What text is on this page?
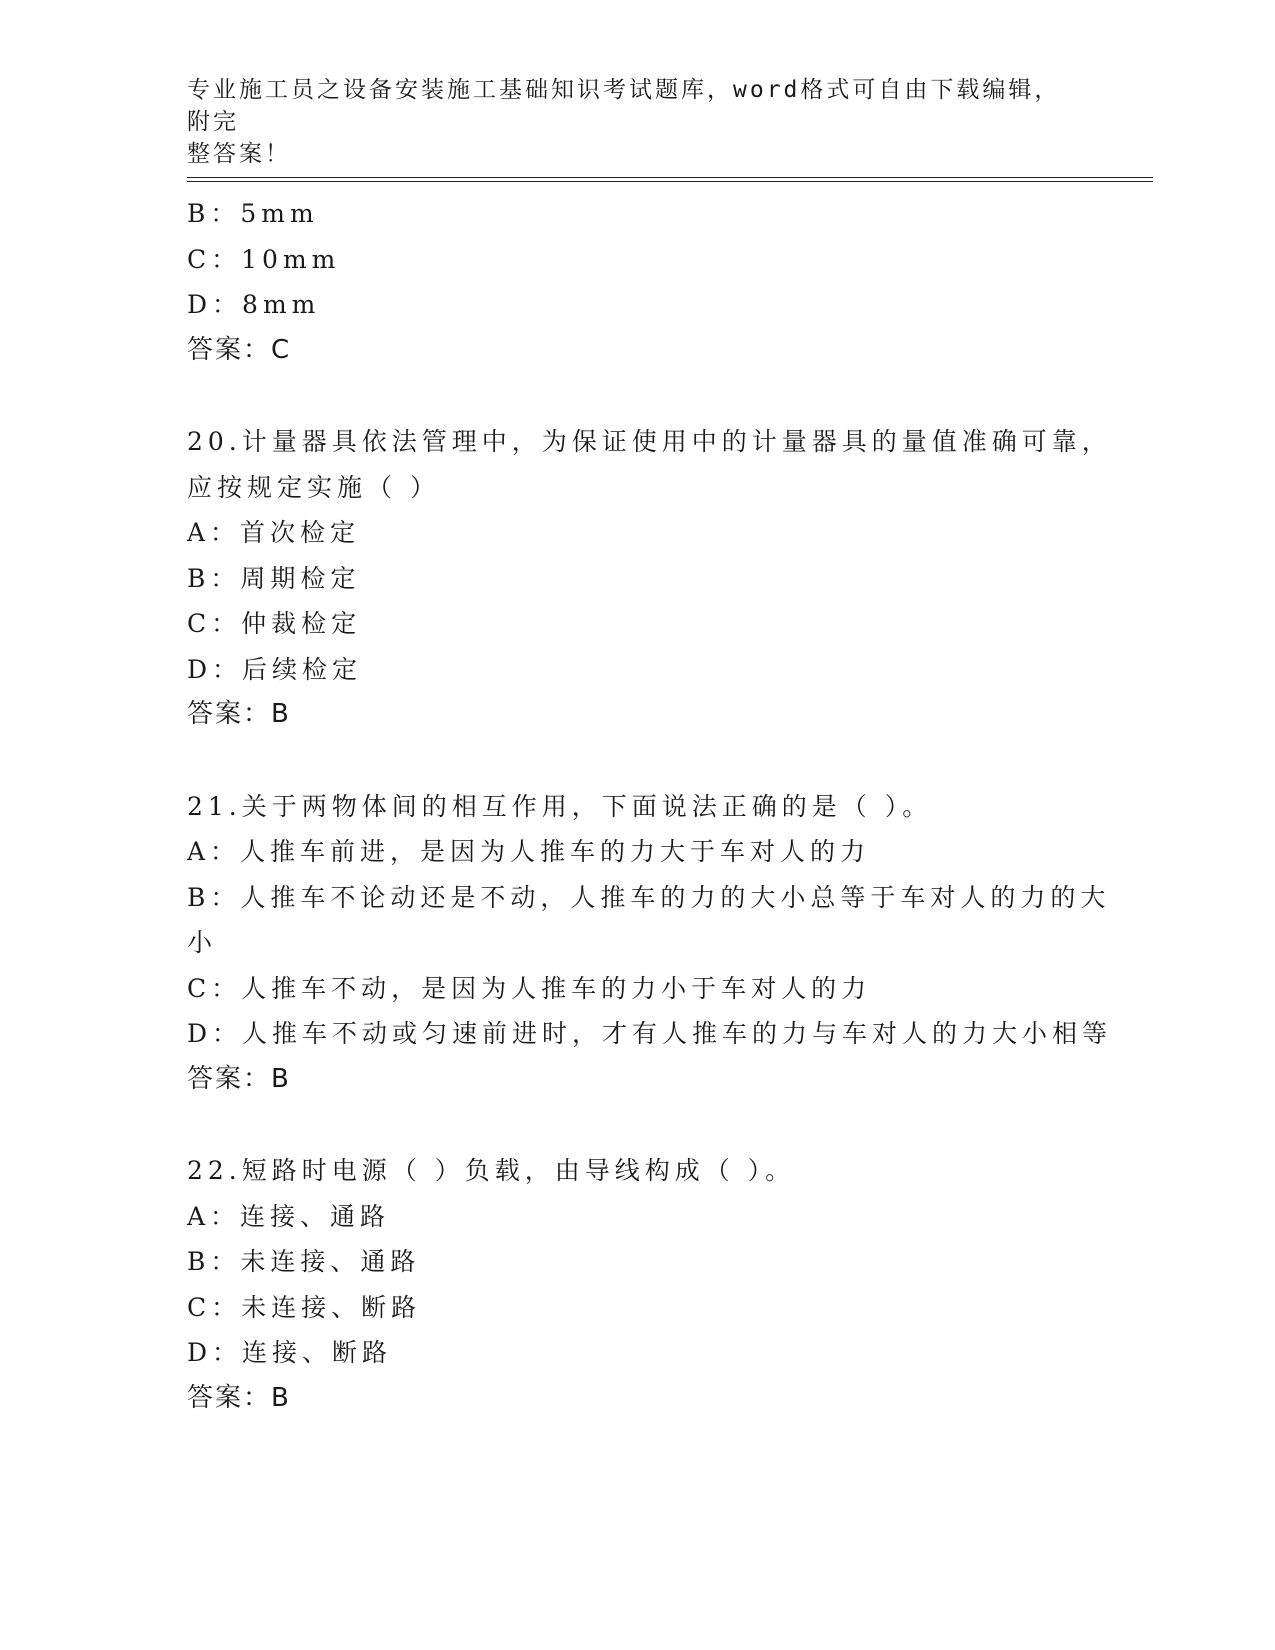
专业施工员之设备安装施工基础知识考试题库，word格式可自由下载编辑，附完
整答案！
B：5mm
C：10mm
D：8mm
答案：C
20.计量器具依法管理中，为保证使用中的计量器具的量值准确可靠，
应按规定实施（ ）
A：首次检定
B：周期检定
C：仲裁检定
D：后续检定
答案：B
21.关于两物体间的相互作用，下面说法正确的是（ ）。
A：人推车前进，是因为人推车的力大于车对人的力
B：人推车不论动还是不动，人推车的力的大小总等于车对人的力的大
小
C：人推车不动，是因为人推车的力小于车对人的力
D：人推车不动或匀速前进时，才有人推车的力与车对人的力大小相等
答案：B
22.短路时电源（ ）负载，由导线构成（ ）。
A：连接、通路
B：未连接、通路
C：未连接、断路
D：连接、断路
答案：B
